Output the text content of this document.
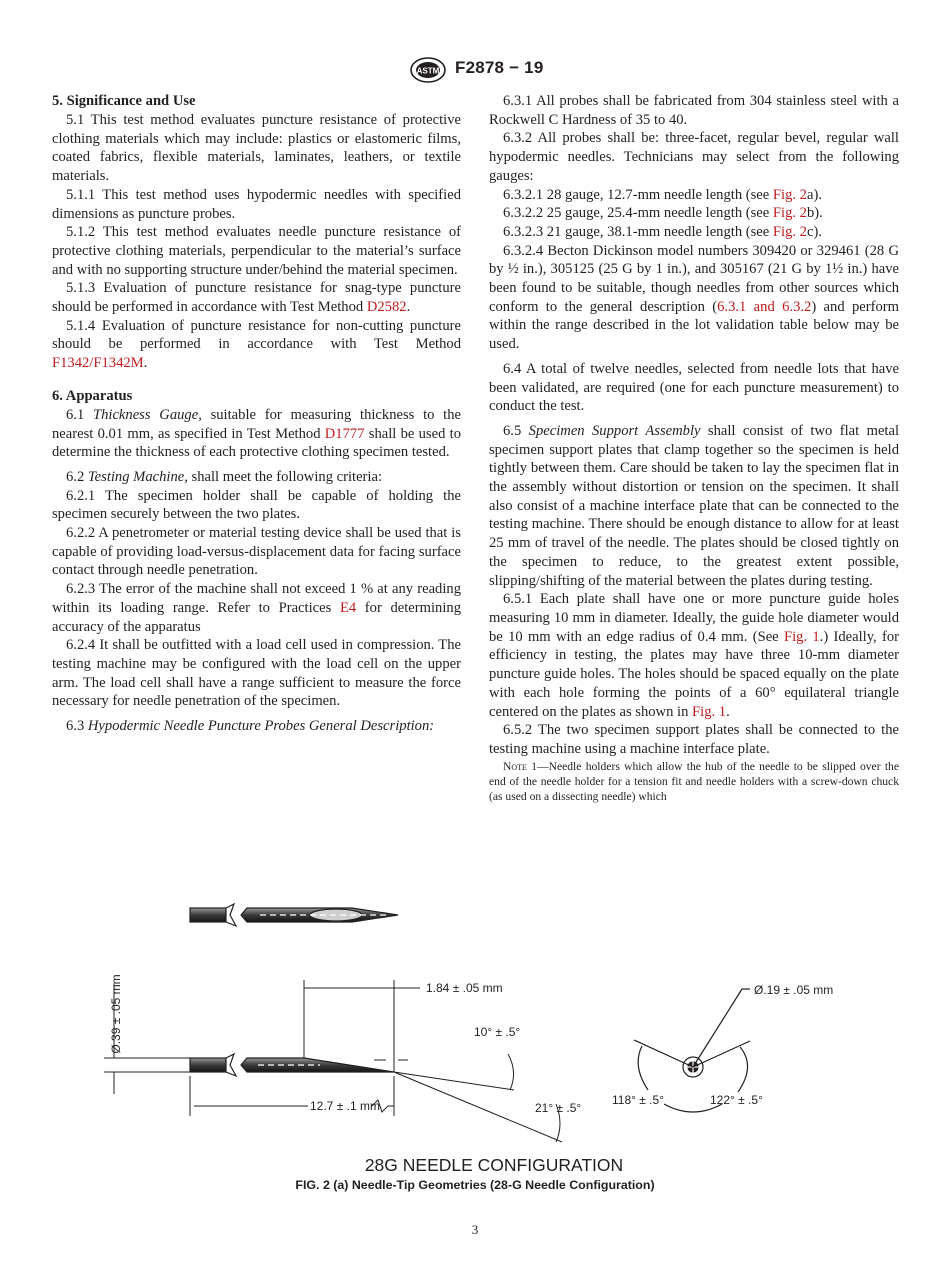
ASTM F2878 − 19
5. Significance and Use

5.1 This test method evaluates puncture resistance of protective clothing materials which may include: plastics or elastomeric films, coated fabrics, flexible materials, laminates, leathers, or textile materials.

5.1.1 This test method uses hypodermic needles with specified dimensions as puncture probes.

5.1.2 This test method evaluates needle puncture resistance of protective clothing materials, perpendicular to the material’s surface and with no supporting structure under/behind the material specimen.

5.1.3 Evaluation of puncture resistance for snag-type puncture should be performed in accordance with Test Method D2582.

5.1.4 Evaluation of puncture resistance for non-cutting puncture should be performed in accordance with Test Method F1342/F1342M.

6. Apparatus

6.1 Thickness Gauge, suitable for measuring thickness to the nearest 0.01 mm, as specified in Test Method D1777 shall be used to determine the thickness of each protective clothing specimen tested.

6.2 Testing Machine, shall meet the following criteria:

6.2.1 The specimen holder shall be capable of holding the specimen securely between the two plates.

6.2.2 A penetrometer or material testing device shall be used that is capable of providing load-versus-displacement data for facing surface contact through needle penetration.

6.2.3 The error of the machine shall not exceed 1 % at any reading within its loading range. Refer to Practices E4 for determining accuracy of the apparatus

6.2.4 It shall be outfitted with a load cell used in compression. The testing machine may be configured with the load cell on the upper arm. The load cell shall have a range sufficient to measure the force necessary for needle penetration of the specimen.

6.3 Hypodermic Needle Puncture Probes General Description:

6.3.1 All probes shall be fabricated from 304 stainless steel with a Rockwell C Hardness of 35 to 40.

6.3.2 All probes shall be: three-facet, regular bevel, regular wall hypodermic needles. Technicians may select from the following gauges:

6.3.2.1 28 gauge, 12.7-mm needle length (see Fig. 2a).

6.3.2.2 25 gauge, 25.4-mm needle length (see Fig. 2b).

6.3.2.3 21 gauge, 38.1-mm needle length (see Fig. 2c).

6.3.2.4 Becton Dickinson model numbers 309420 or 329461 (28 G by ½ in.), 305125 (25 G by 1 in.), and 305167 (21 G by 1½ in.) have been found to be suitable, though needles from other sources which conform to the general description (6.3.1 and 6.3.2) and perform within the range described in the lot validation table below may be used.

6.4 A total of twelve needles, selected from needle lots that have been validated, are required (one for each puncture measurement) to conduct the test.

6.5 Specimen Support Assembly shall consist of two flat metal specimen support plates that clamp together so the specimen is held tightly between them. Care should be taken to lay the specimen flat in the assembly without distortion or tension on the specimen. It shall also consist of a machine interface plate that can be connected to the testing machine. There should be enough distance to allow for at least 25 mm of travel of the needle. The plates should be closed tightly on the specimen to reduce, to the greatest extent possible, slipping/shifting of the material between the plates during testing.

6.5.1 Each plate shall have one or more puncture guide holes measuring 10 mm in diameter. Ideally, the guide hole diameter would be 10 mm with an edge radius of 0.4 mm. (See Fig. 1.) Ideally, for efficiency in testing, the plates may have three 10-mm diameter puncture guide holes. The holes should be spaced equally on the plate with each hole forming the points of a 60° equilateral triangle centered on the plates as shown in Fig. 1.

6.5.2 The two specimen support plates shall be connected to the testing machine using a machine interface plate.

Note 1—Needle holders which allow the hub of the needle to be slipped over the end of the needle holder for a tension fit and needle holders with a screw-down chuck (as used on a dissecting needle) which

Ø.39 ± .05 mm	1.84 ± .05 mm
10° ± .5°
21° ± .5°
12.7 ± .1 mm
Ø.19 ± .05 mm
118° ± .5°	122° ± .5°
28G NEEDLE CONFIGURATION
FIG. 2 (a) Needle-Tip Geometries (28-G Needle Configuration)
3
